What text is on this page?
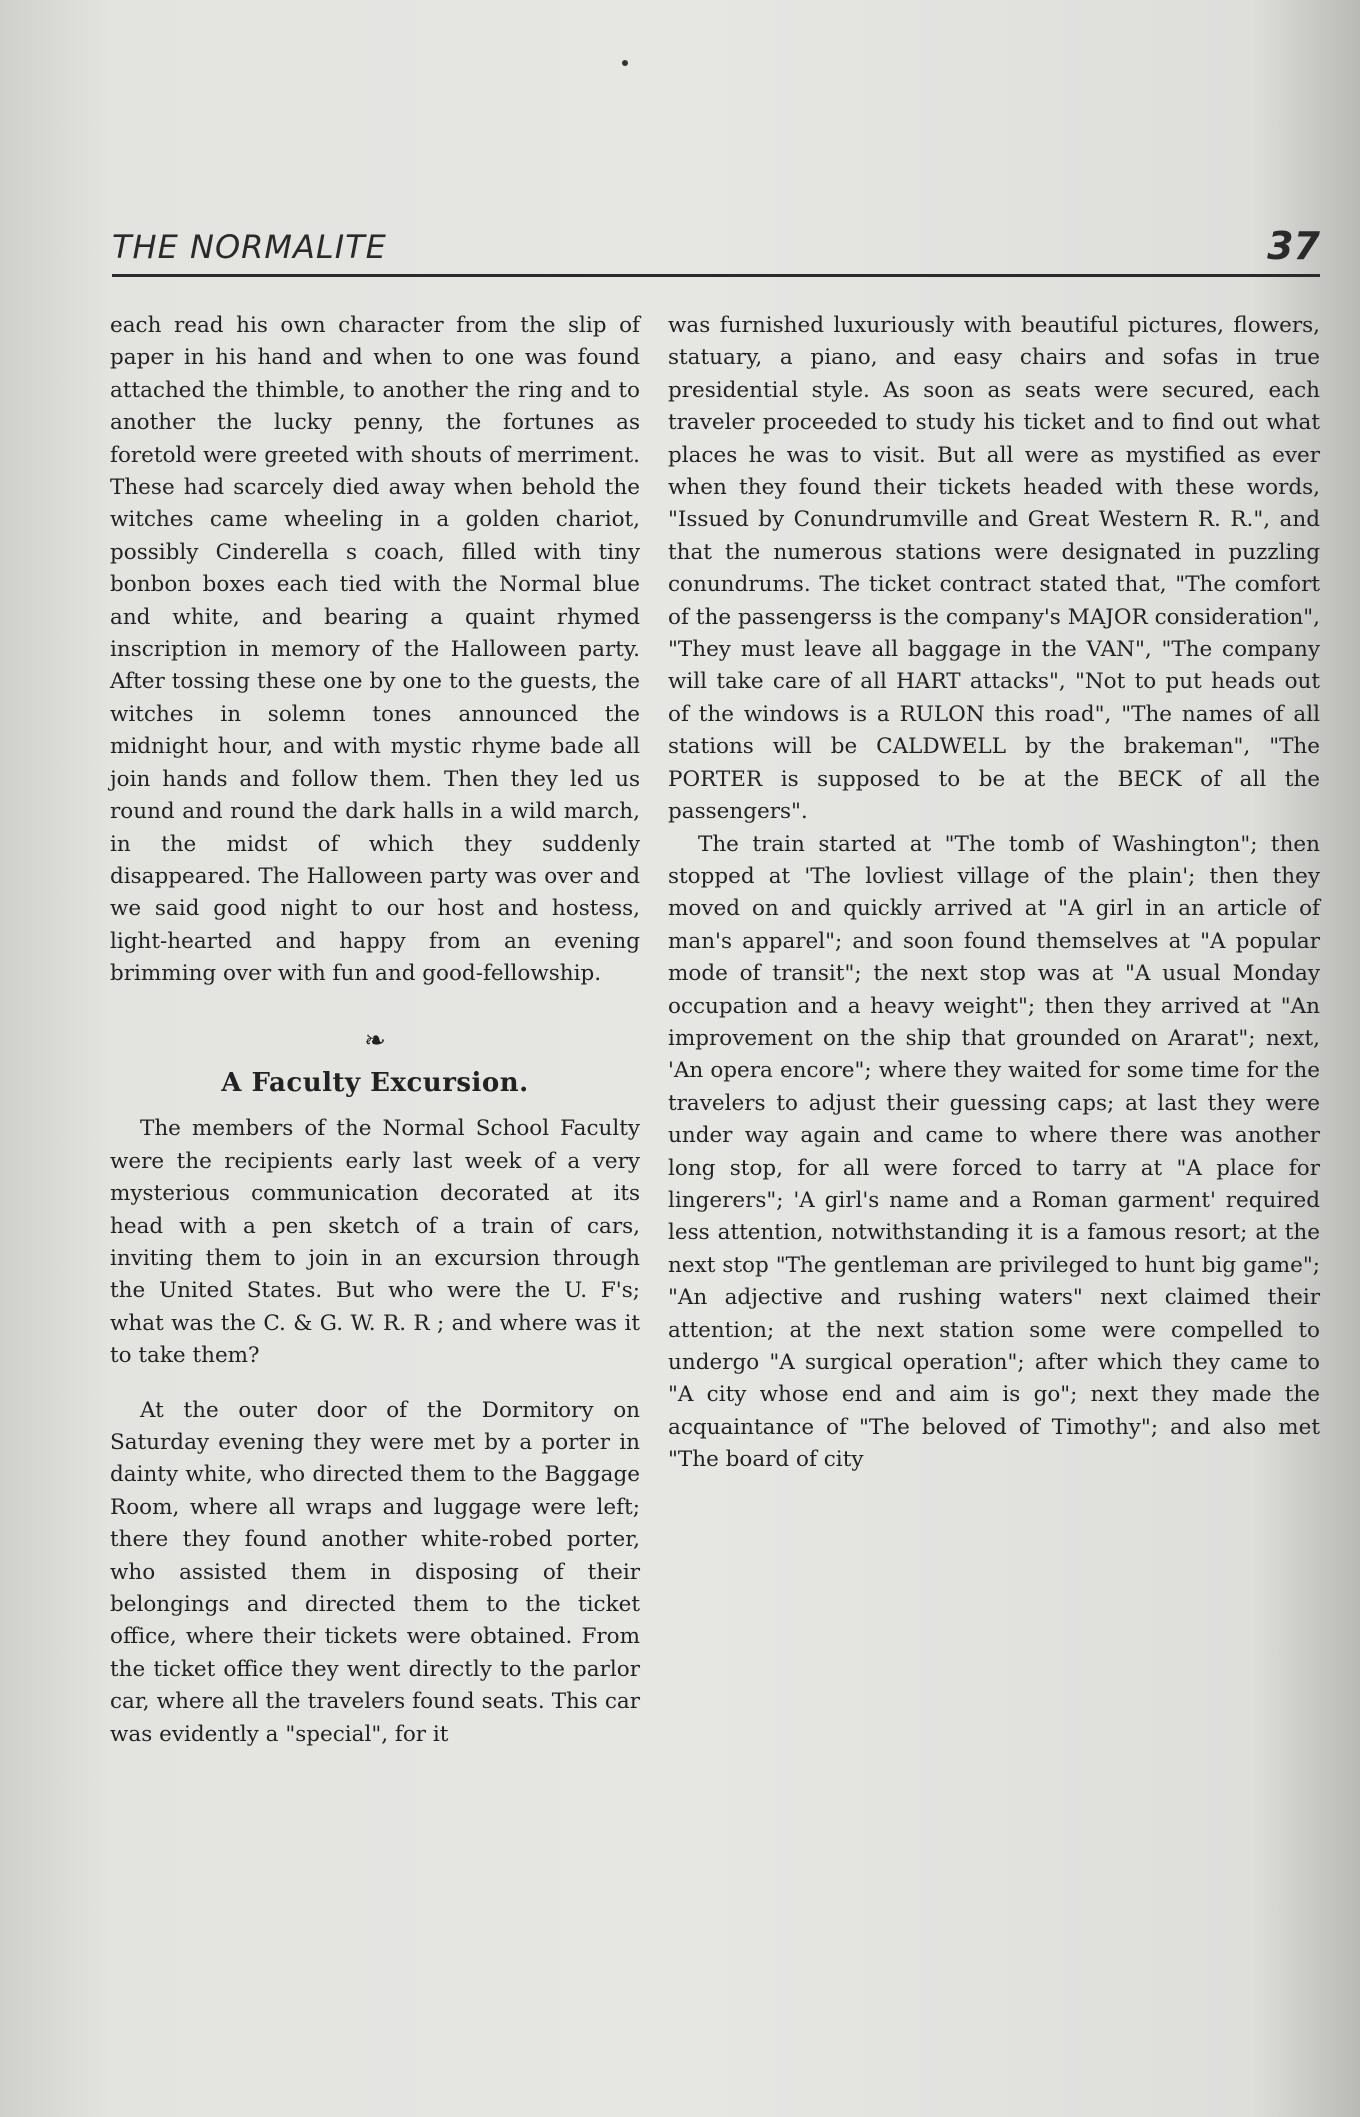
THE NORMALITE	37

each read his own character from the slip of paper in his hand and when to one was found attached the thimble, to another the ring and to another the lucky penny, the fortunes as foretold were greeted with shouts of merriment. These had scarcely died away when behold the witches came wheeling in a golden chariot, possibly Cinderella s coach, filled with tiny bonbon boxes each tied with the Normal blue and white, and bearing a quaint rhymed inscription in memory of the Halloween party. After tossing these one by one to the guests, the witches in solemn tones announced the midnight hour, and with mystic rhyme bade all join hands and follow them. Then they led us round and round the dark halls in a wild march, in the midst of which they suddenly disappeared. The Halloween party was over and we said good night to our host and hostess, light-hearted and happy from an evening brimming over with fun and good-fellowship.

❧
A Faculty Excursion.

The members of the Normal School Faculty were the recipients early last week of a very mysterious communication decorated at its head with a pen sketch of a train of cars, inviting them to join in an excursion through the United States. But who were the U. F's; what was the C. & G. W. R. R ; and where was it to take them?

At the outer door of the Dormitory on Saturday evening they were met by a porter in dainty white, who directed them to the Baggage Room, where all wraps and luggage were left; there they found another white-robed porter, who assisted them in disposing of their belongings and directed them to the ticket office, where their tickets were obtained. From the ticket office they went directly to the parlor car, where all the travelers found seats. This car was evidently a "special", for it

was furnished luxuriously with beautiful pictures, flowers, statuary, a piano, and easy chairs and sofas in true presidential style. As soon as seats were secured, each traveler proceeded to study his ticket and to find out what places he was to visit. But all were as mystified as ever when they found their tickets headed with these words, "Issued by Conundrumville and Great Western R. R.", and that the numerous stations were designated in puzzling conundrums. The ticket contract stated that, "The comfort of the passengerss is the company's MAJOR consideration", "They must leave all baggage in the VAN", "The company will take care of all HART attacks", "Not to put heads out of the windows is a RULON this road", "The names of all stations will be CALDWELL by the brakeman", "The PORTER is supposed to be at the BECK of all the passengers".

The train started at "The tomb of Washington"; then stopped at 'The lovliest village of the plain'; then they moved on and quickly arrived at "A girl in an article of man's apparel"; and soon found themselves at "A popular mode of transit"; the next stop was at "A usual Monday occupation and a heavy weight"; then they arrived at "An improvement on the ship that grounded on Ararat"; next, 'An opera encore"; where they waited for some time for the travelers to adjust their guessing caps; at last they were under way again and came to where there was another long stop, for all were forced to tarry at "A place for lingerers"; 'A girl's name and a Roman garment' required less attention, notwithstanding it is a famous resort; at the next stop "The gentleman are privileged to hunt big game"; "An adjective and rushing waters" next claimed their attention; at the next station some were compelled to undergo "A surgical operation"; after which they came to "A city whose end and aim is go"; next they made the acquaintance of "The beloved of Timothy"; and also met "The board of city
